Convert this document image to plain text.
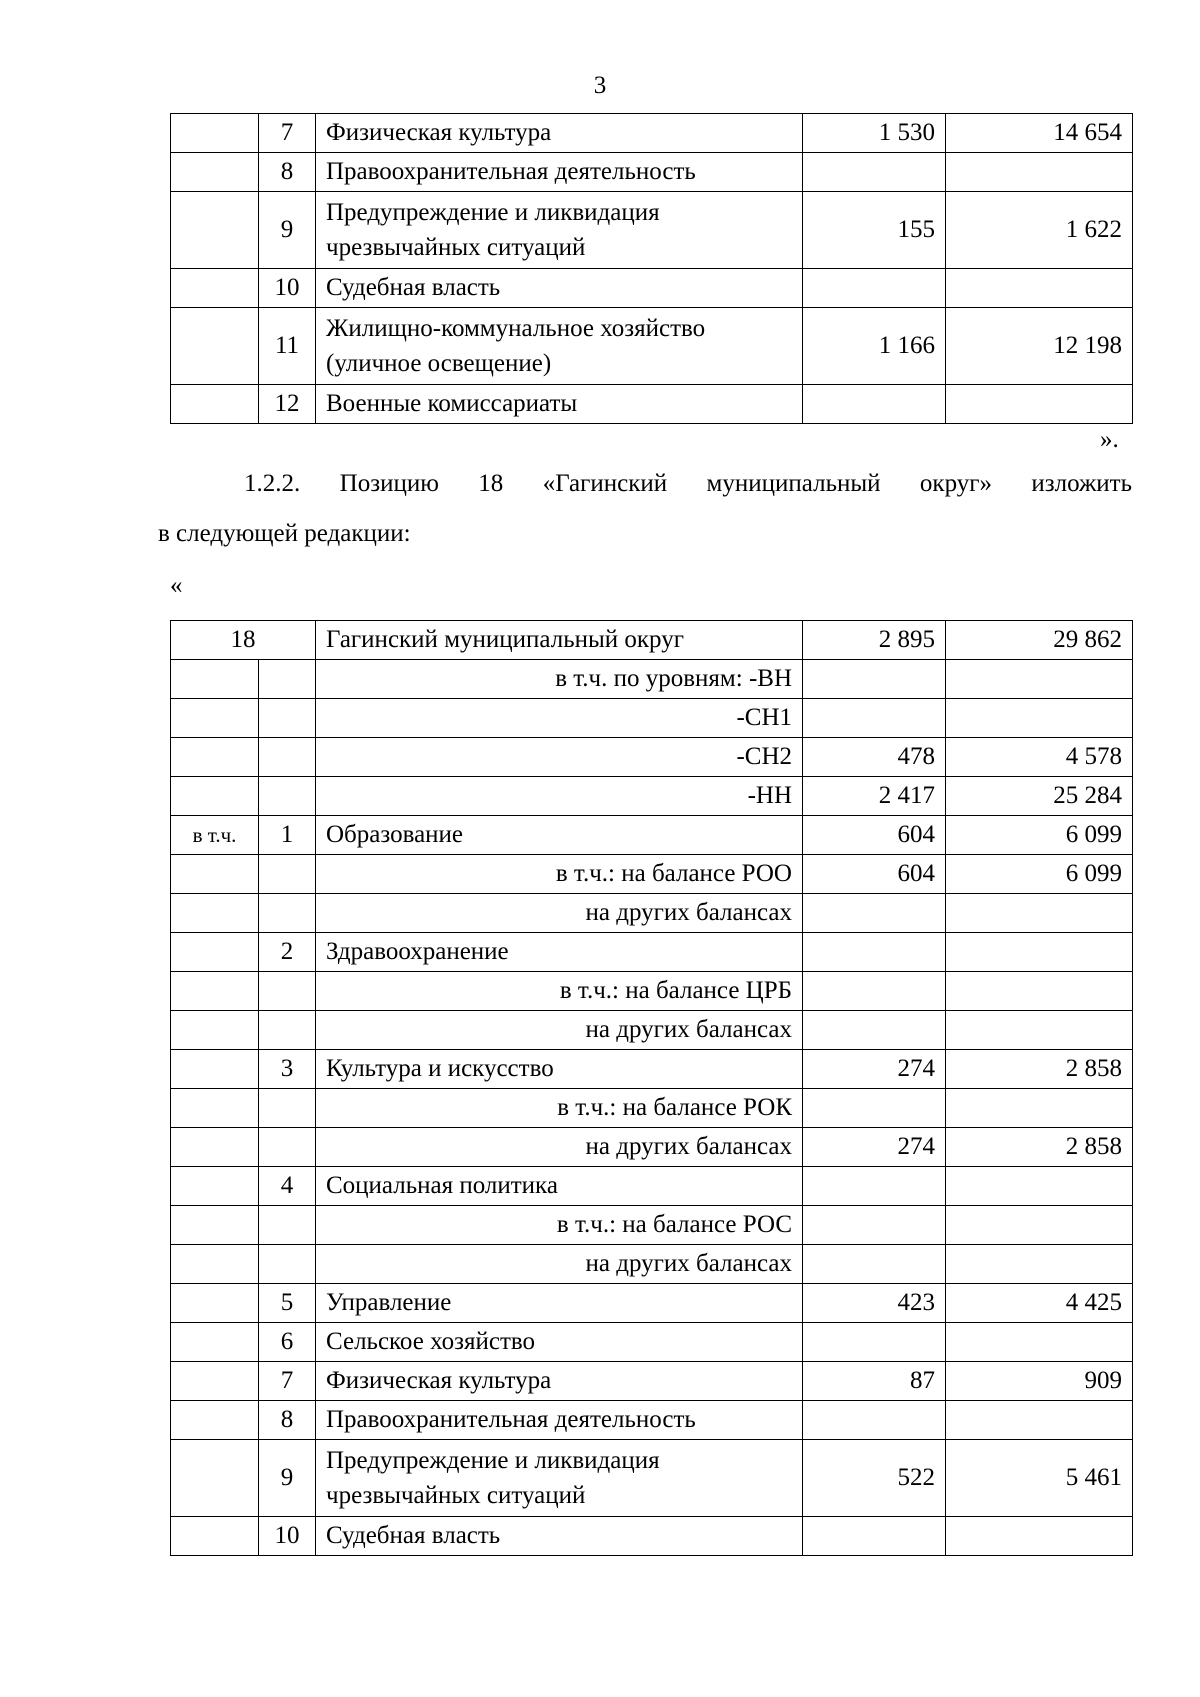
3
	7	Физическая культура	1 530	14 654
	8	Правоохранительная деятельность		
	9	Предупреждение и ликвидация чрезвычайных ситуаций	155	1 622
	10	Судебная власть		
	11	Жилищно-коммунальное хозяйство (уличное освещение)	1 166	12 198
	12	Военные комиссариаты		
».
1.2.2. Позицию 18 «Гагинский муниципальный округ» изложить
в следующей редакции:
«
18		Гагинский муниципальный округ	2 895	29 862
		в т.ч. по уровням: -ВН		
		-СН1		
		-СН2	478	4 578
		-НН	2 417	25 284
в т.ч.	1	Образование	604	6 099
		в т.ч.: на балансе РОО	604	6 099
		на других балансах		
	2	Здравоохранение		
		в т.ч.: на балансе ЦРБ		
		на других балансах		
	3	Культура и искусство	274	2 858
		в т.ч.: на балансе РОК		
		на других балансах	274	2 858
	4	Социальная политика		
		в т.ч.: на балансе РОС		
		на других балансах		
	5	Управление	423	4 425
	6	Сельское хозяйство		
	7	Физическая культура	87	909
	8	Правоохранительная деятельность		
	9	Предупреждение и ликвидация чрезвычайных ситуаций	522	5 461
	10	Судебная власть		
